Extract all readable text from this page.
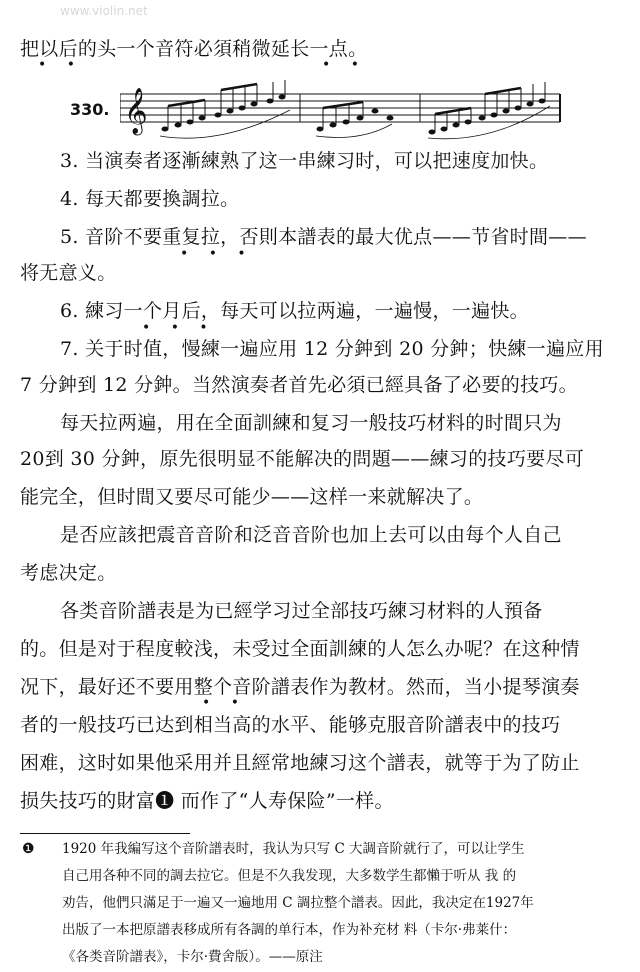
把以后的头一个音符必須稍微延长一点。
• •	• •
330. 𝄞
3. 当演奏者逐漸練熟了这一串練习时，可以把速度加快。
4. 每天都要換調拉。
5. 音阶不要重复拉，否則本譜表的最大优点——节省时間——
• • •
将无意义。
6. 練习一个月后，每天可以拉两遍，一遍慢，一遍快。
• • •
7. 关于时值，慢練一遍应用 12 分鈡到 20 分鈡；快練一遍应用
7 分鈡到 12 分鈡。当然演奏者首先必須已經具备了必要的技巧。
每天拉两遍，用在全面訓練和复习一般技巧材料的时間只为
20到 30 分鈡，原先很明显不能解决的問題——練习的技巧要尽可
能完全，但时間又要尽可能少——这样一来就解决了。
是否应該把震音音阶和泛音音阶也加上去可以由每个人自己
考虑决定。
各类音阶譜表是为已經学习过全部技巧練习材料的人預备
的。但是对于程度較浅，未受过全面訓練的人怎么办呢？在这种情
况下，最好还不要用整个音阶譜表作为教材。然而，当小提琴演奏
• •
者的一般技巧已达到相当高的水平、能够克服音阶譜表中的技巧
困难，这时如果他采用并且經常地練习这个譜表，就等于为了防止
损失技巧的財富❶ 而作了“人寿保险”一样。
❶ 1920 年我編写这个音阶譜表时，我认为只写 C 大調音阶就行了，可以让学生
自己用各种不同的調去拉它。但是不久我发现，大多数学生都懶于听从 我 的
劝告，他們只滿足于一遍又一遍地用 C 調拉整个譜表。因此，我决定在1927年
出版了一本把原譜表移成所有各調的单行本，作为补充材 料（卡尔·弗莱什：
《各类音阶譜表》，卡尔·費舍版）。——原注
www.violin.net
